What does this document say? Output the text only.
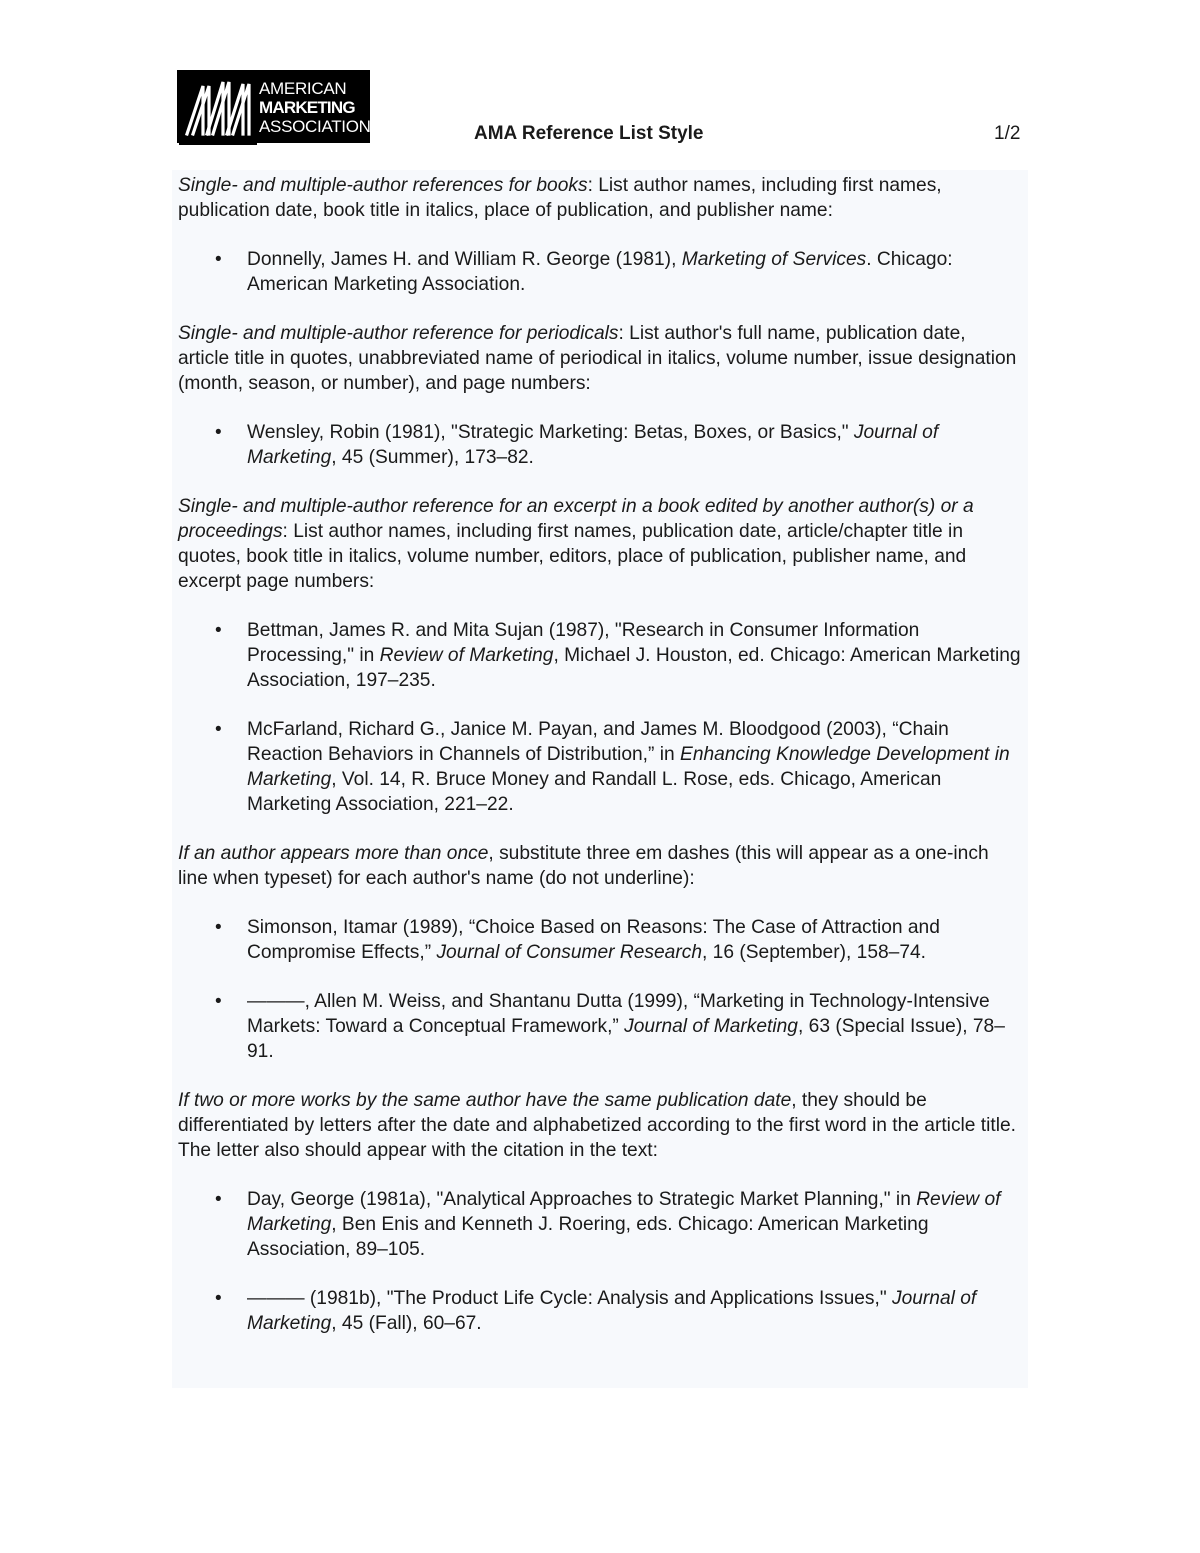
AMERICAN
MARKETING
ASSOCIATION	AMA Reference List Style	1/2

Single- and multiple-author references for books: List author names, including first names, publication date, book title in italics, place of publication, and publisher name:

• Donnelly, James H. and William R. George (1981), Marketing of Services. Chicago: American Marketing Association.

Single- and multiple-author reference for periodicals: List author's full name, publication date, article title in quotes, unabbreviated name of periodical in italics, volume number, issue designation (month, season, or number), and page numbers:

• Wensley, Robin (1981), "Strategic Marketing: Betas, Boxes, or Basics," Journal of Marketing, 45 (Summer), 173–82.

Single- and multiple-author reference for an excerpt in a book edited by another author(s) or a proceedings: List author names, including first names, publication date, article/chapter title in quotes, book title in italics, volume number, editors, place of publication, publisher name, and excerpt page numbers:

• Bettman, James R. and Mita Sujan (1987), "Research in Consumer Information Processing," in Review of Marketing, Michael J. Houston, ed. Chicago: American Marketing Association, 197–235.
• McFarland, Richard G., Janice M. Payan, and James M. Bloodgood (2003), “Chain Reaction Behaviors in Channels of Distribution,” in Enhancing Knowledge Development in Marketing, Vol. 14, R. Bruce Money and Randall L. Rose, eds. Chicago, American Marketing Association, 221–22.

If an author appears more than once, substitute three em dashes (this will appear as a one-inch line when typeset) for each author's name (do not underline):

• Simonson, Itamar (1989), “Choice Based on Reasons: The Case of Attraction and Compromise Effects,” Journal of Consumer Research, 16 (September), 158–74.
• ———, Allen M. Weiss, and Shantanu Dutta (1999), “Marketing in Technology-Intensive Markets: Toward a Conceptual Framework,” Journal of Marketing, 63 (Special Issue), 78–91.

If two or more works by the same author have the same publication date, they should be differentiated by letters after the date and alphabetized according to the first word in the article title. The letter also should appear with the citation in the text:

• Day, George (1981a), "Analytical Approaches to Strategic Market Planning," in Review of Marketing, Ben Enis and Kenneth J. Roering, eds. Chicago: American Marketing Association, 89–105.
• ——— (1981b), "The Product Life Cycle: Analysis and Applications Issues," Journal of Marketing, 45 (Fall), 60–67.
